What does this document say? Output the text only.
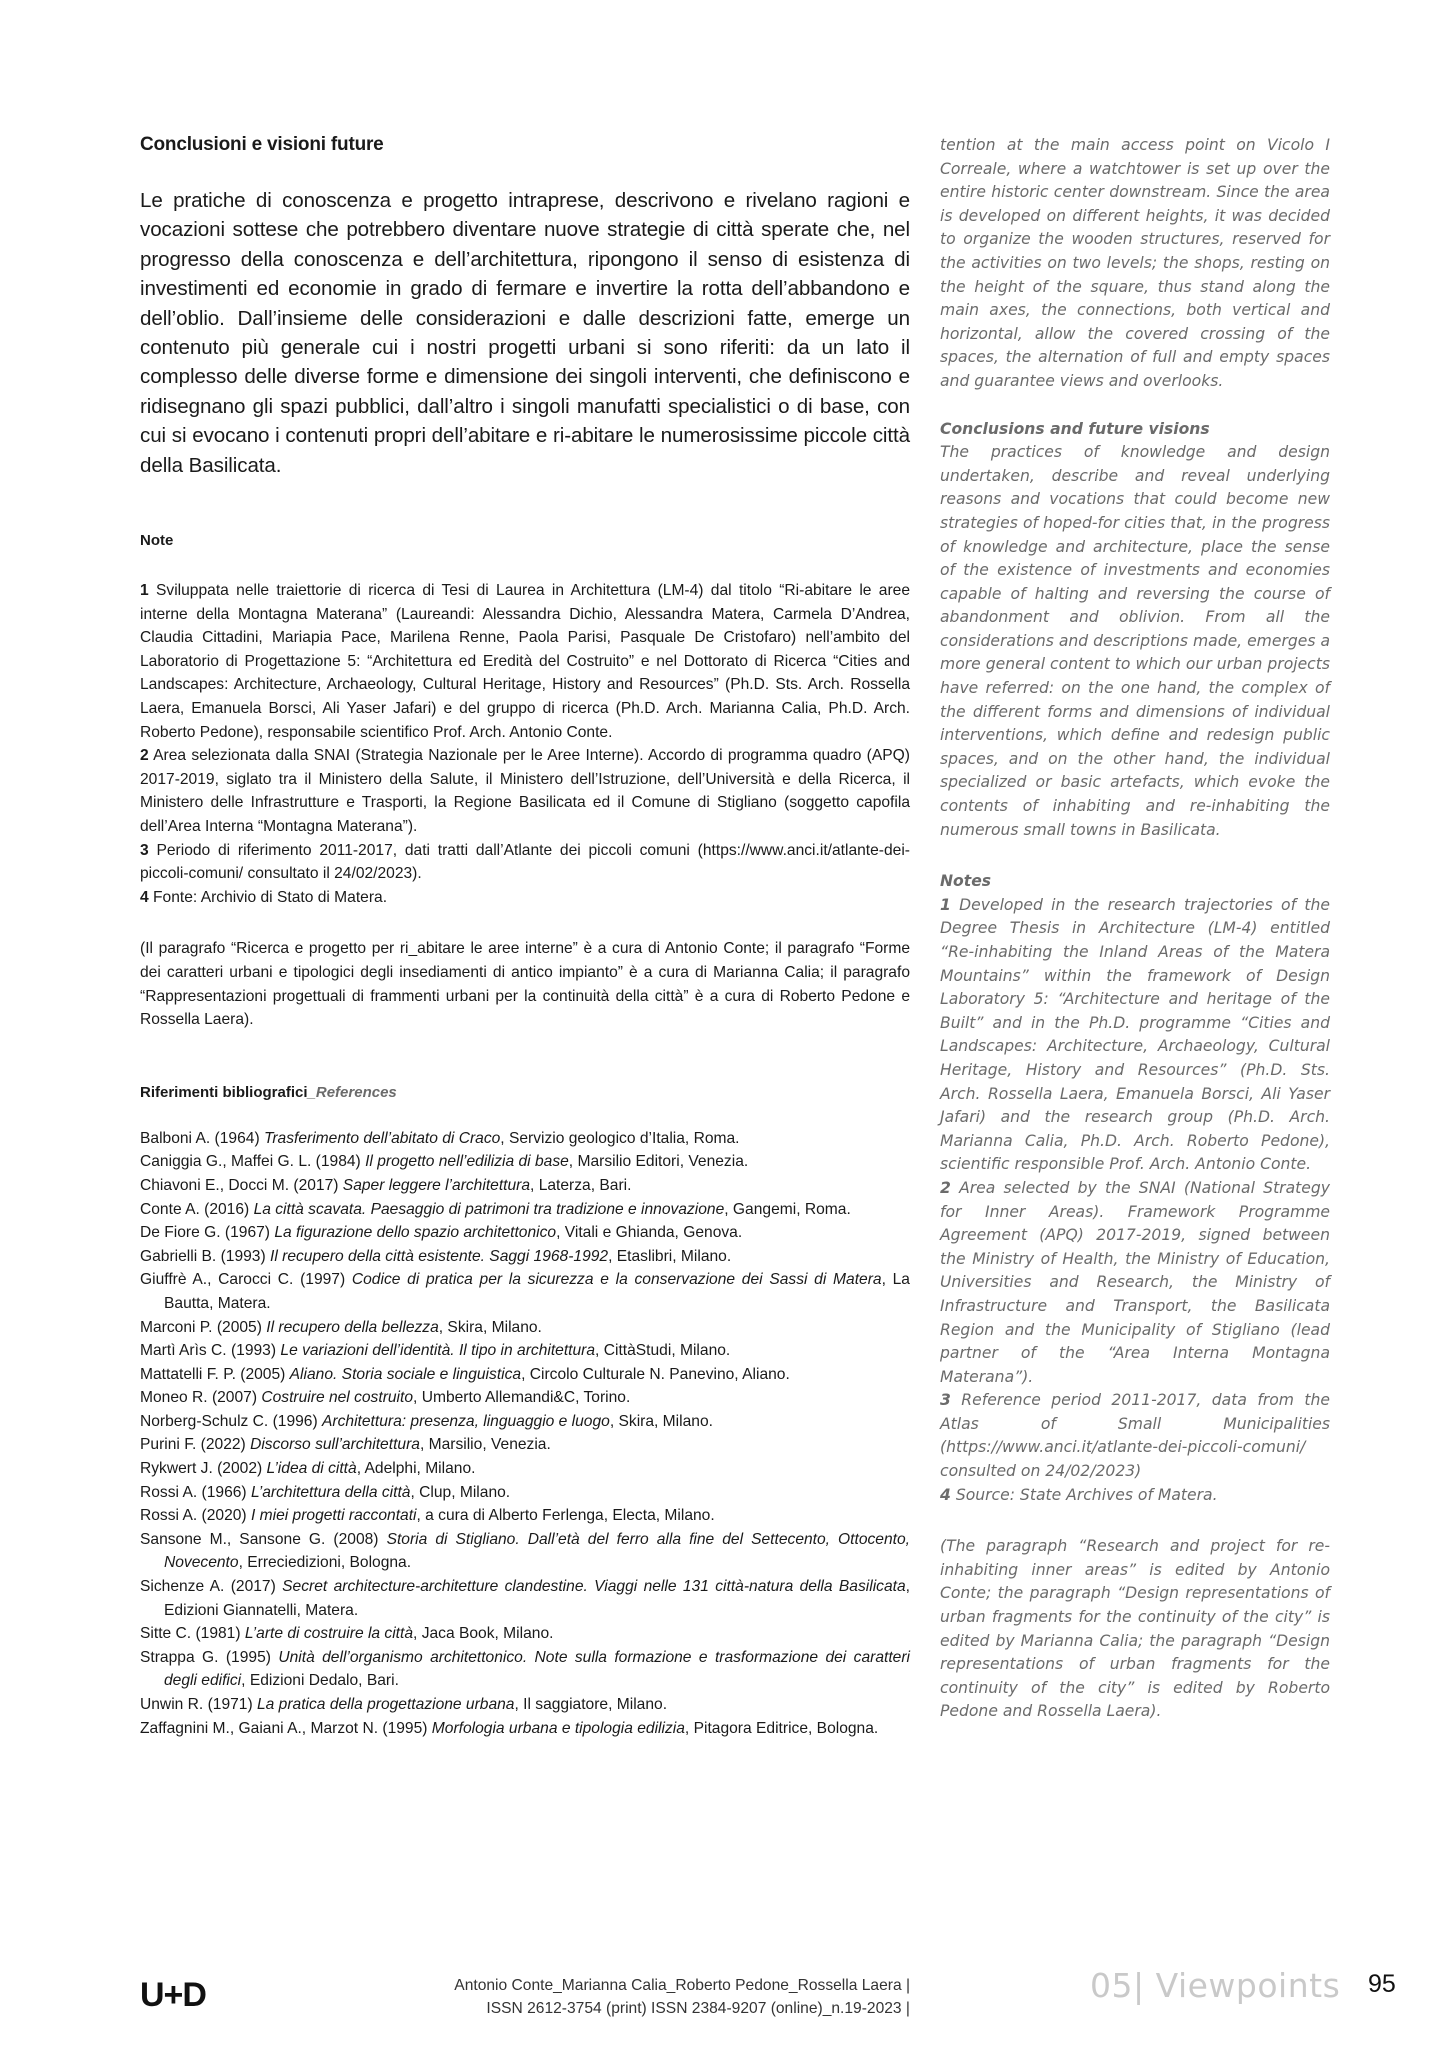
Conclusioni e visioni future

Le pratiche di conoscenza e progetto intraprese, descrivono e rivelano ragioni e vocazioni sottese che potrebbero diventare nuove strategie di città sperate che, nel progresso della conoscenza e dell’architettura, ripongono il senso di esistenza di investimenti ed economie in grado di fermare e invertire la rotta dell’abbandono e dell’oblio. Dall’insieme delle considerazioni e dalle descrizioni fatte, emerge un contenuto più generale cui i nostri progetti urbani si sono riferiti: da un lato il complesso delle diverse forme e dimensione dei singoli interventi, che definiscono e ridisegnano gli spazi pubblici, dall’altro i singoli manufatti specialistici o di base, con cui si evocano i contenuti propri dell’abitare e ri-abitare le numerosissime piccole città della Basilicata.

Note

1 Sviluppata nelle traiettorie di ricerca di Tesi di Laurea in Architettura (LM-4) dal titolo “Ri-abitare le aree interne della Montagna Materana” (Laureandi: Alessandra Dichio, Alessandra Matera, Carmela D’Andrea, Claudia Cittadini, Mariapia Pace, Marilena Renne, Paola Parisi, Pasquale De Cristofaro) nell’ambito del Laboratorio di Progettazione 5: “Architettura ed Eredità del Costruito” e nel Dottorato di Ricerca “Cities and Landscapes: Architecture, Archaeology, Cultural Heritage, History and Resources” (Ph.D. Sts. Arch. Rossella Laera, Emanuela Borsci, Ali Yaser Jafari) e del gruppo di ricerca (Ph.D. Arch. Marianna Calia, Ph.D. Arch. Roberto Pedone), responsabile scientifico Prof. Arch. Antonio Conte.

2 Area selezionata dalla SNAI (Strategia Nazionale per le Aree Interne). Accordo di programma quadro (APQ) 2017-2019, siglato tra il Ministero della Salute, il Ministero dell’Istruzione, dell’Università e della Ricerca, il Ministero delle Infrastrutture e Trasporti, la Regione Basilicata ed il Comune di Stigliano (soggetto capofila dell’Area Interna “Montagna Materana”).

3 Periodo di riferimento 2011-2017, dati tratti dall’Atlante dei piccoli comuni (https://www.anci.it/atlante-dei-piccoli-comuni/ consultato il 24/02/2023).

4 Fonte: Archivio di Stato di Matera.

(Il paragrafo “Ricerca e progetto per ri_abitare le aree interne” è a cura di Antonio Conte; il paragrafo “Forme dei caratteri urbani e tipologici degli insediamenti di antico impianto” è a cura di Marianna Calia; il paragrafo “Rappresentazioni progettuali di frammenti urbani per la continuità della città” è a cura di Roberto Pedone e Rossella Laera).

Riferimenti bibliografici_References

Balboni A. (1964) Trasferimento dell’abitato di Craco, Servizio geologico d’Italia, Roma.

Caniggia G., Maffei G. L. (1984) Il progetto nell’edilizia di base, Marsilio Editori, Venezia.

Chiavoni E., Docci M. (2017) Saper leggere l’architettura, Laterza, Bari.

Conte A. (2016) La città scavata. Paesaggio di patrimoni tra tradizione e innovazione, Gangemi, Roma.

De Fiore G. (1967) La figurazione dello spazio architettonico, Vitali e Ghianda, Genova.

Gabrielli B. (1993) Il recupero della città esistente. Saggi 1968-1992, Etaslibri, Milano.

Giuffrè A., Carocci C. (1997) Codice di pratica per la sicurezza e la conservazione dei Sassi di Matera, La Bautta, Matera.

Marconi P. (2005) Il recupero della bellezza, Skira, Milano.

Martì Arìs C. (1993) Le variazioni dell’identità. Il tipo in architettura, CittàStudi, Milano.

Mattatelli F. P. (2005) Aliano. Storia sociale e linguistica, Circolo Culturale N. Panevino, Aliano.

Moneo R. (2007) Costruire nel costruito, Umberto Allemandi&C, Torino.

Norberg-Schulz C. (1996) Architettura: presenza, linguaggio e luogo, Skira, Milano.

Purini F. (2022) Discorso sull’architettura, Marsilio, Venezia.

Rykwert J. (2002) L’idea di città, Adelphi, Milano.

Rossi A. (1966) L’architettura della città, Clup, Milano.

Rossi A. (2020) I miei progetti raccontati, a cura di Alberto Ferlenga, Electa, Milano.

Sansone M., Sansone G. (2008) Storia di Stigliano. Dall’età del ferro alla fine del Settecento, Ottocento, Novecento, Erreciedizioni, Bologna.

Sichenze A. (2017) Secret architecture-architetture clandestine. Viaggi nelle 131 città-natura della Basilicata, Edizioni Giannatelli, Matera.

Sitte C. (1981) L’arte di costruire la città, Jaca Book, Milano.

Strappa G. (1995) Unità dell’organismo architettonico. Note sulla formazione e trasformazione dei caratteri degli edifici, Edizioni Dedalo, Bari.

Unwin R. (1971) La pratica della progettazione urbana, Il saggiatore, Milano.

Zaffagnini M., Gaiani A., Marzot N. (1995) Morfologia urbana e tipologia edilizia, Pitagora Editrice, Bologna.

tention at the main access point on Vicolo I Correale, where a watchtower is set up over the entire historic center downstream. Since the area is developed on different heights, it was decided to organize the wooden structures, reserved for the activities on two levels; the shops, resting on the height of the square, thus stand along the main axes, the connections, both vertical and horizontal, allow the covered crossing of the spaces, the alternation of full and empty spaces and guarantee views and overlooks.

Conclusions and future visions

The practices of knowledge and design undertaken, describe and reveal underlying reasons and vocations that could become new strategies of hoped-for cities that, in the progress of knowledge and architecture, place the sense of the existence of investments and economies capable of halting and reversing the course of abandonment and oblivion. From all the considerations and descriptions made, emerges a more general content to which our urban projects have referred: on the one hand, the complex of the different forms and dimensions of individual interventions, which define and redesign public spaces, and on the other hand, the individual specialized or basic artefacts, which evoke the contents of inhabiting and re-inhabiting the numerous small towns in Basilicata.

Notes

1 Developed in the research trajectories of the Degree Thesis in Architecture (LM-4) entitled “Re-inhabiting the Inland Areas of the Matera Mountains” within the framework of Design Laboratory 5: “Architecture and heritage of the Built” and in the Ph.D. programme “Cities and Landscapes: Architecture, Archaeology, Cultural Heritage, History and Resources” (Ph.D. Sts. Arch. Rossella Laera, Emanuela Borsci, Ali Yaser Jafari) and the research group (Ph.D. Arch. Marianna Calia, Ph.D. Arch. Roberto Pedone), scientific responsible Prof. Arch. Antonio Conte.

2 Area selected by the SNAI (National Strategy for Inner Areas). Framework Programme Agreement (APQ) 2017-2019, signed between the Ministry of Health, the Ministry of Education, Universities and Research, the Ministry of Infrastructure and Transport, the Basilicata Region and the Municipality of Stigliano (lead partner of the “Area Interna Montagna Materana”).

3 Reference period 2011-2017, data from the Atlas of Small Municipalities (https://www.anci.it/atlante-dei-piccoli-comuni/ consulted on 24/02/2023)

4 Source: State Archives of Matera.

(The paragraph “Research and project for re-inhabiting inner areas” is edited by Antonio Conte; the paragraph “Design representations of urban fragments for the continuity of the city” is edited by Marianna Calia; the paragraph “Design representations of urban fragments for the continuity of the city” is edited by Roberto Pedone and Rossella Laera).

U+D	Antonio Conte_Marianna Calia_Roberto Pedone_Rossella Laera |
ISSN 2612-3754 (print) ISSN 2384-9207 (online)_n.19-2023 |
05| Viewpoints 95
